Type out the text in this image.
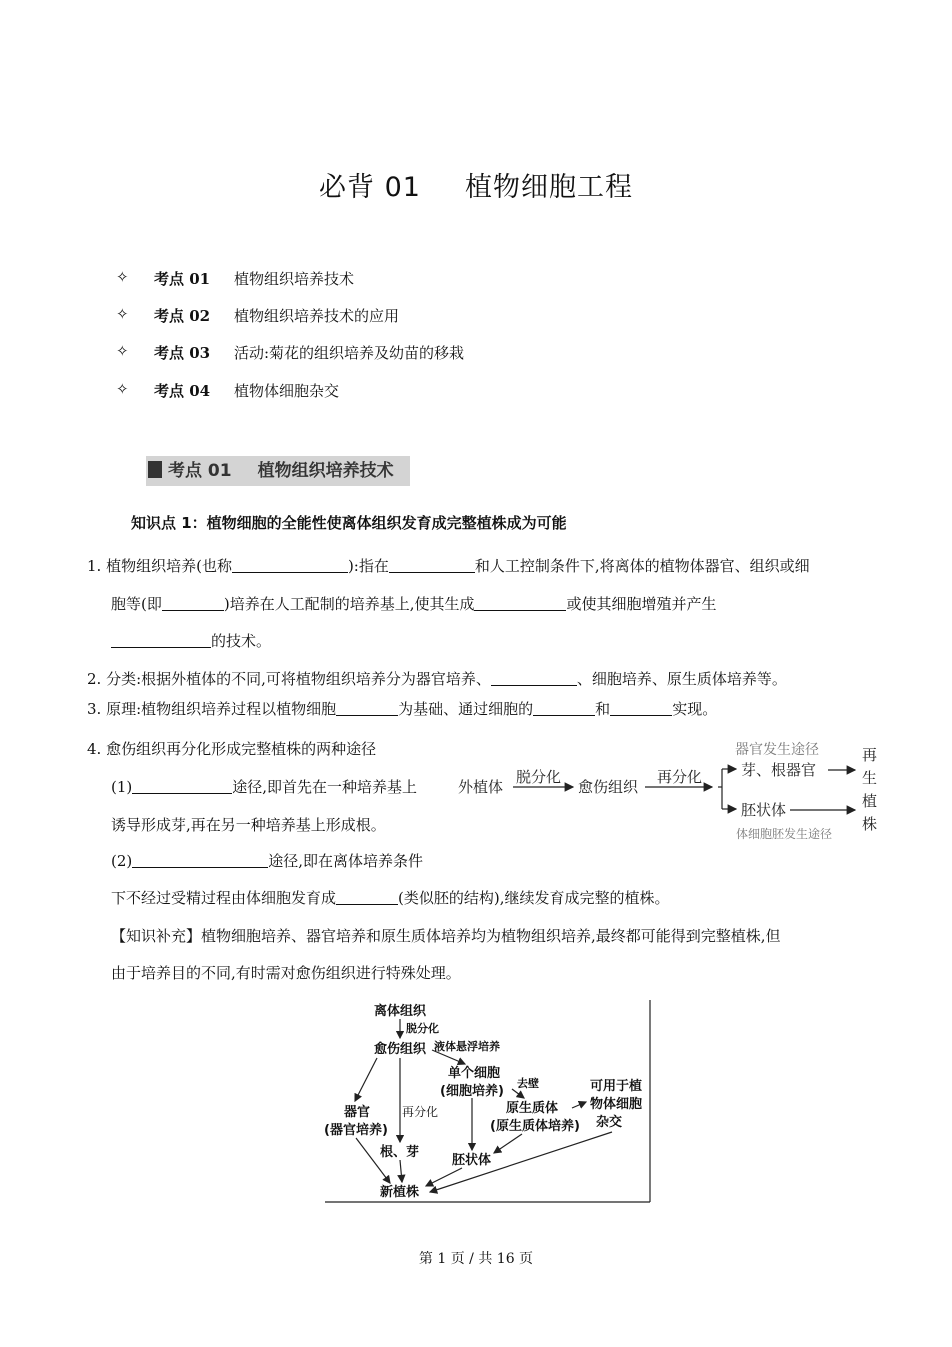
必背 01 植物细胞工程
✧ 考点 01 植物组织培养技术
✧ 考点 02 植物组织培养技术的应用
✧ 考点 03 活动:菊花的组织培养及幼苗的移栽
✧ 考点 04 植物体细胞杂交
考点 01 植物组织培养技术
知识点 1：植物细胞的全能性使离体组织发育成完整植株成为可能
1. 植物组织培养(也称	):指在	和人工控制条件下,将离体的植物体器官、组织或细
胞等(即	)培养在人工配制的培养基上,使其生成	或使其细胞增殖并产生
的技术。
2. 分类:根据外植体的不同,可将植物组织培养分为器官培养、	、细胞培养、原生质体培养等。
3. 原理:植物组织培养过程以植物细胞	为基础、通过细胞的	和	实现。
4. 愈伤组织再分化形成完整植株的两种途径
(1)	途径,即首先在一种培养基上
诱导形成芽,再在另一种培养基上形成根。
(2)	途径,即在离体培养条件
下不经过受精过程由体细胞发育成	(类似胚的结构),继续发育成完整的植株。
外植体
脱分化
愈伤组织
再分化
器官发生途径
芽、根器官
胚状体
体细胞胚发生途径
再
生
植
株
【知识补充】植物细胞培养、器官培养和原生质体培养均为植物组织培养,最终都可能得到完整植株,但
由于培养目的不同,有时需对愈伤组织进行特殊处理。
离体组织
脱分化
愈伤组织 液体悬浮培养
单个细胞
(细胞培养)
去壁
器官
(器官培养)
再分化	原生质体
(原生质体培养)
可用于植
物体细胞
杂交
根、芽
胚状体
新植株
第 1 页 / 共 16 页
